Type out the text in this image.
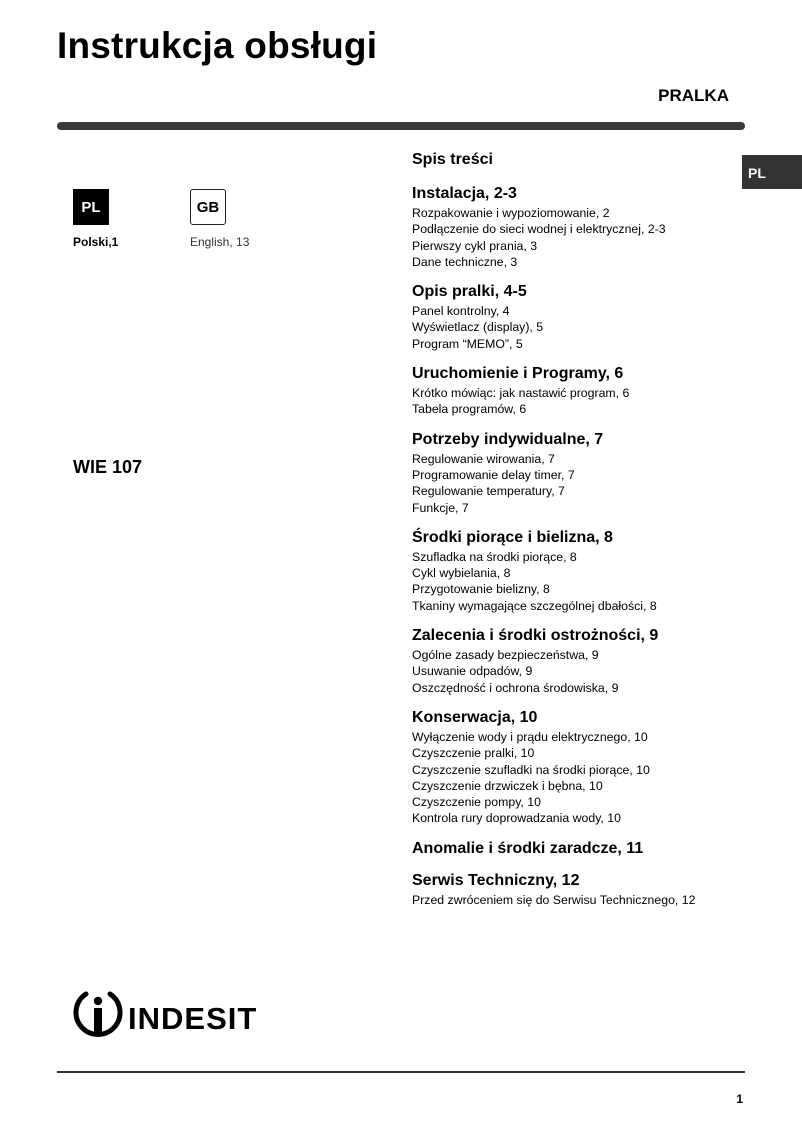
Instrukcja obsługi
PRALKA
PL
PL	GB
Polski,1	English, 13
WIE 107
Spis treści
Instalacja, 2-3
Rozpakowanie i wypoziomowanie, 2
Podłączenie do sieci wodnej i elektrycznej, 2-3
Pierwszy cykl prania, 3
Dane techniczne, 3
Opis pralki, 4-5
Panel kontrolny, 4
Wyświetlacz (display), 5
Program “MEMO”, 5
Uruchomienie i Programy, 6
Krótko mówiąc: jak nastawić program, 6
Tabela programów, 6
Potrzeby indywidualne, 7
Regulowanie wirowania, 7
Programowanie delay timer, 7
Regulowanie temperatury, 7
Funkcje, 7
Środki piorące i bielizna, 8
Szufladka na środki piorące, 8
Cykl wybielania, 8
Przygotowanie bielizny, 8
Tkaniny wymagające szczególnej dbałości, 8
Zalecenia i środki ostrożności, 9
Ogólne zasady bezpieczeństwa, 9
Usuwanie odpadów, 9
Oszczędność i ochrona środowiska, 9
Konserwacja, 10
Wyłączenie wody i prądu elektrycznego, 10
Czyszczenie pralki, 10
Czyszczenie szufladki na środki piorące, 10
Czyszczenie drzwiczek i bębna, 10
Czyszczenie pompy, 10
Kontrola rury doprowadzania wody, 10
Anomalie i środki zaradcze, 11
Serwis Techniczny, 12
Przed zwróceniem się do Serwisu Technicznego, 12
INDESIT
1
